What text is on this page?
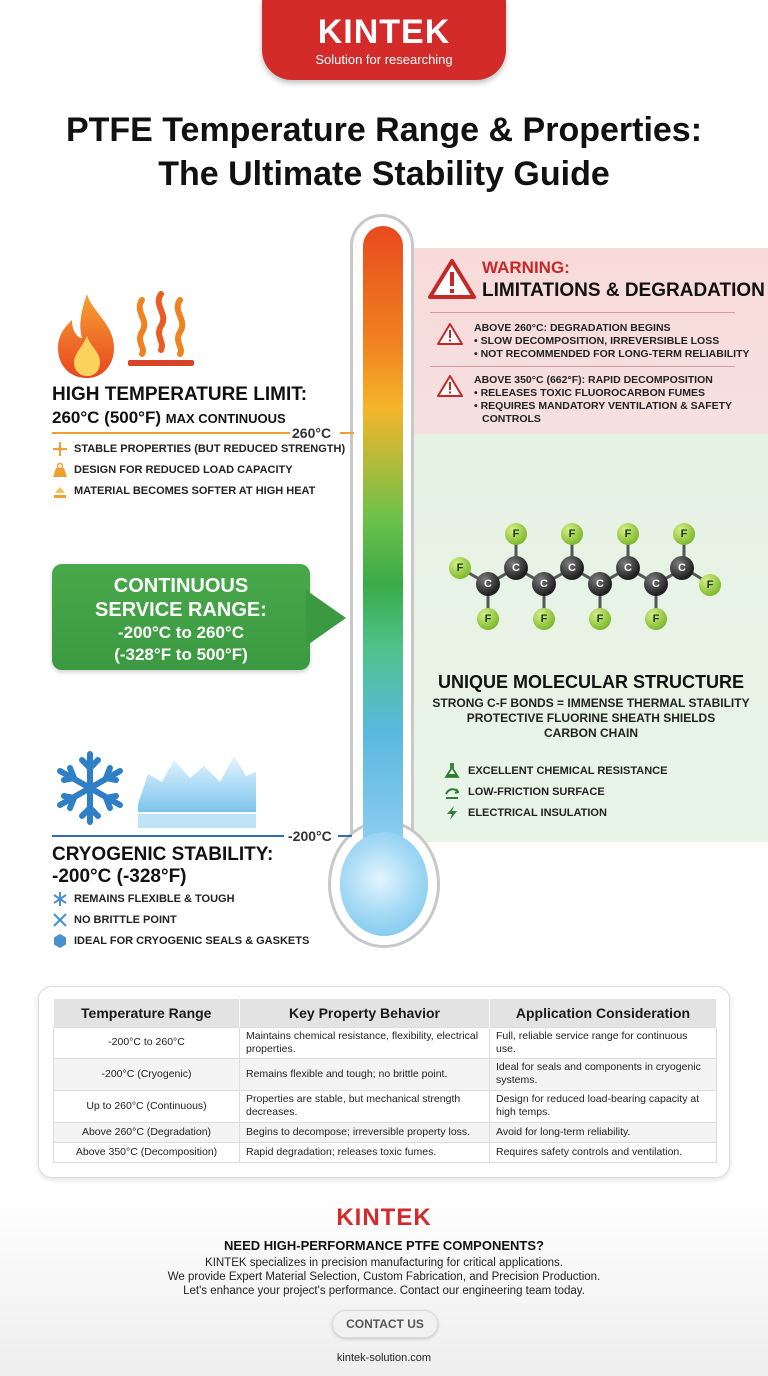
KINTEK
Solution for researching
PTFE Temperature Range & Properties:
The Ultimate Stability Guide
WARNING:
LIMITATIONS & DEGRADATION
ABOVE 260°C: DEGRADATION BEGINS
• SLOW DECOMPOSITION, IRREVERSIBLE LOSS
• NOT RECOMMENDED FOR LONG-TERM RELIABILITY
ABOVE 350°C (662°F): RAPID DECOMPOSITION
• RELEASES TOXIC FLUOROCARBON FUMES
• REQUIRES MANDATORY VENTILATION & SAFETY
CONTROLS
260°C
-200°C
HIGH TEMPERATURE LIMIT:
260°C (500°F) MAX CONTINUOUS
STABLE PROPERTIES (BUT REDUCED STRENGTH)
DESIGN FOR REDUCED LOAD CAPACITY
MATERIAL BECOMES SOFTER AT HIGH HEAT
CONTINUOUS
SERVICE RANGE:
-200°C to 260°C
(-328°F to 500°F)
CRYOGENIC STABILITY:
-200°C (-328°F)
REMAINS FLEXIBLE & TOUGH
NO BRITTLE POINT
IDEAL FOR CRYOGENIC SEALS & GASKETS
C
C
C
C
C
C
C
C
F
F	F	F	F
F	F	F	F
F
UNIQUE MOLECULAR STRUCTURE
STRONG C-F BONDS = IMMENSE THERMAL STABILITY
PROTECTIVE FLUORINE SHEATH SHIELDS
CARBON CHAIN
EXCELLENT CHEMICAL RESISTANCE
LOW-FRICTION SURFACE
ELECTRICAL INSULATION
Temperature Range	Key Property Behavior	Application Consideration
-200°C to 260°C	Maintains chemical resistance, flexibility, electrical properties.	Full, reliable service range for continuous use.
-200°C (Cryogenic)	Remains flexible and tough; no brittle point.	Ideal for seals and components in cryogenic systems.
Up to 260°C (Continuous)	Properties are stable, but mechanical strength decreases.	Design for reduced load-bearing capacity at high temps.
Above 260°C (Degradation)	Begins to decompose; irreversible property loss.	Avoid for long-term reliability.
Above 350°C (Decomposition)	Rapid degradation; releases toxic fumes.	Requires safety controls and ventilation.
KINTEK
NEED HIGH-PERFORMANCE PTFE COMPONENTS?
KINTEK specializes in precision manufacturing for critical applications.
We provide Expert Material Selection, Custom Fabrication, and Precision Production.
Let's enhance your project's performance. Contact our engineering team today.
CONTACT US
kintek-solution.com
